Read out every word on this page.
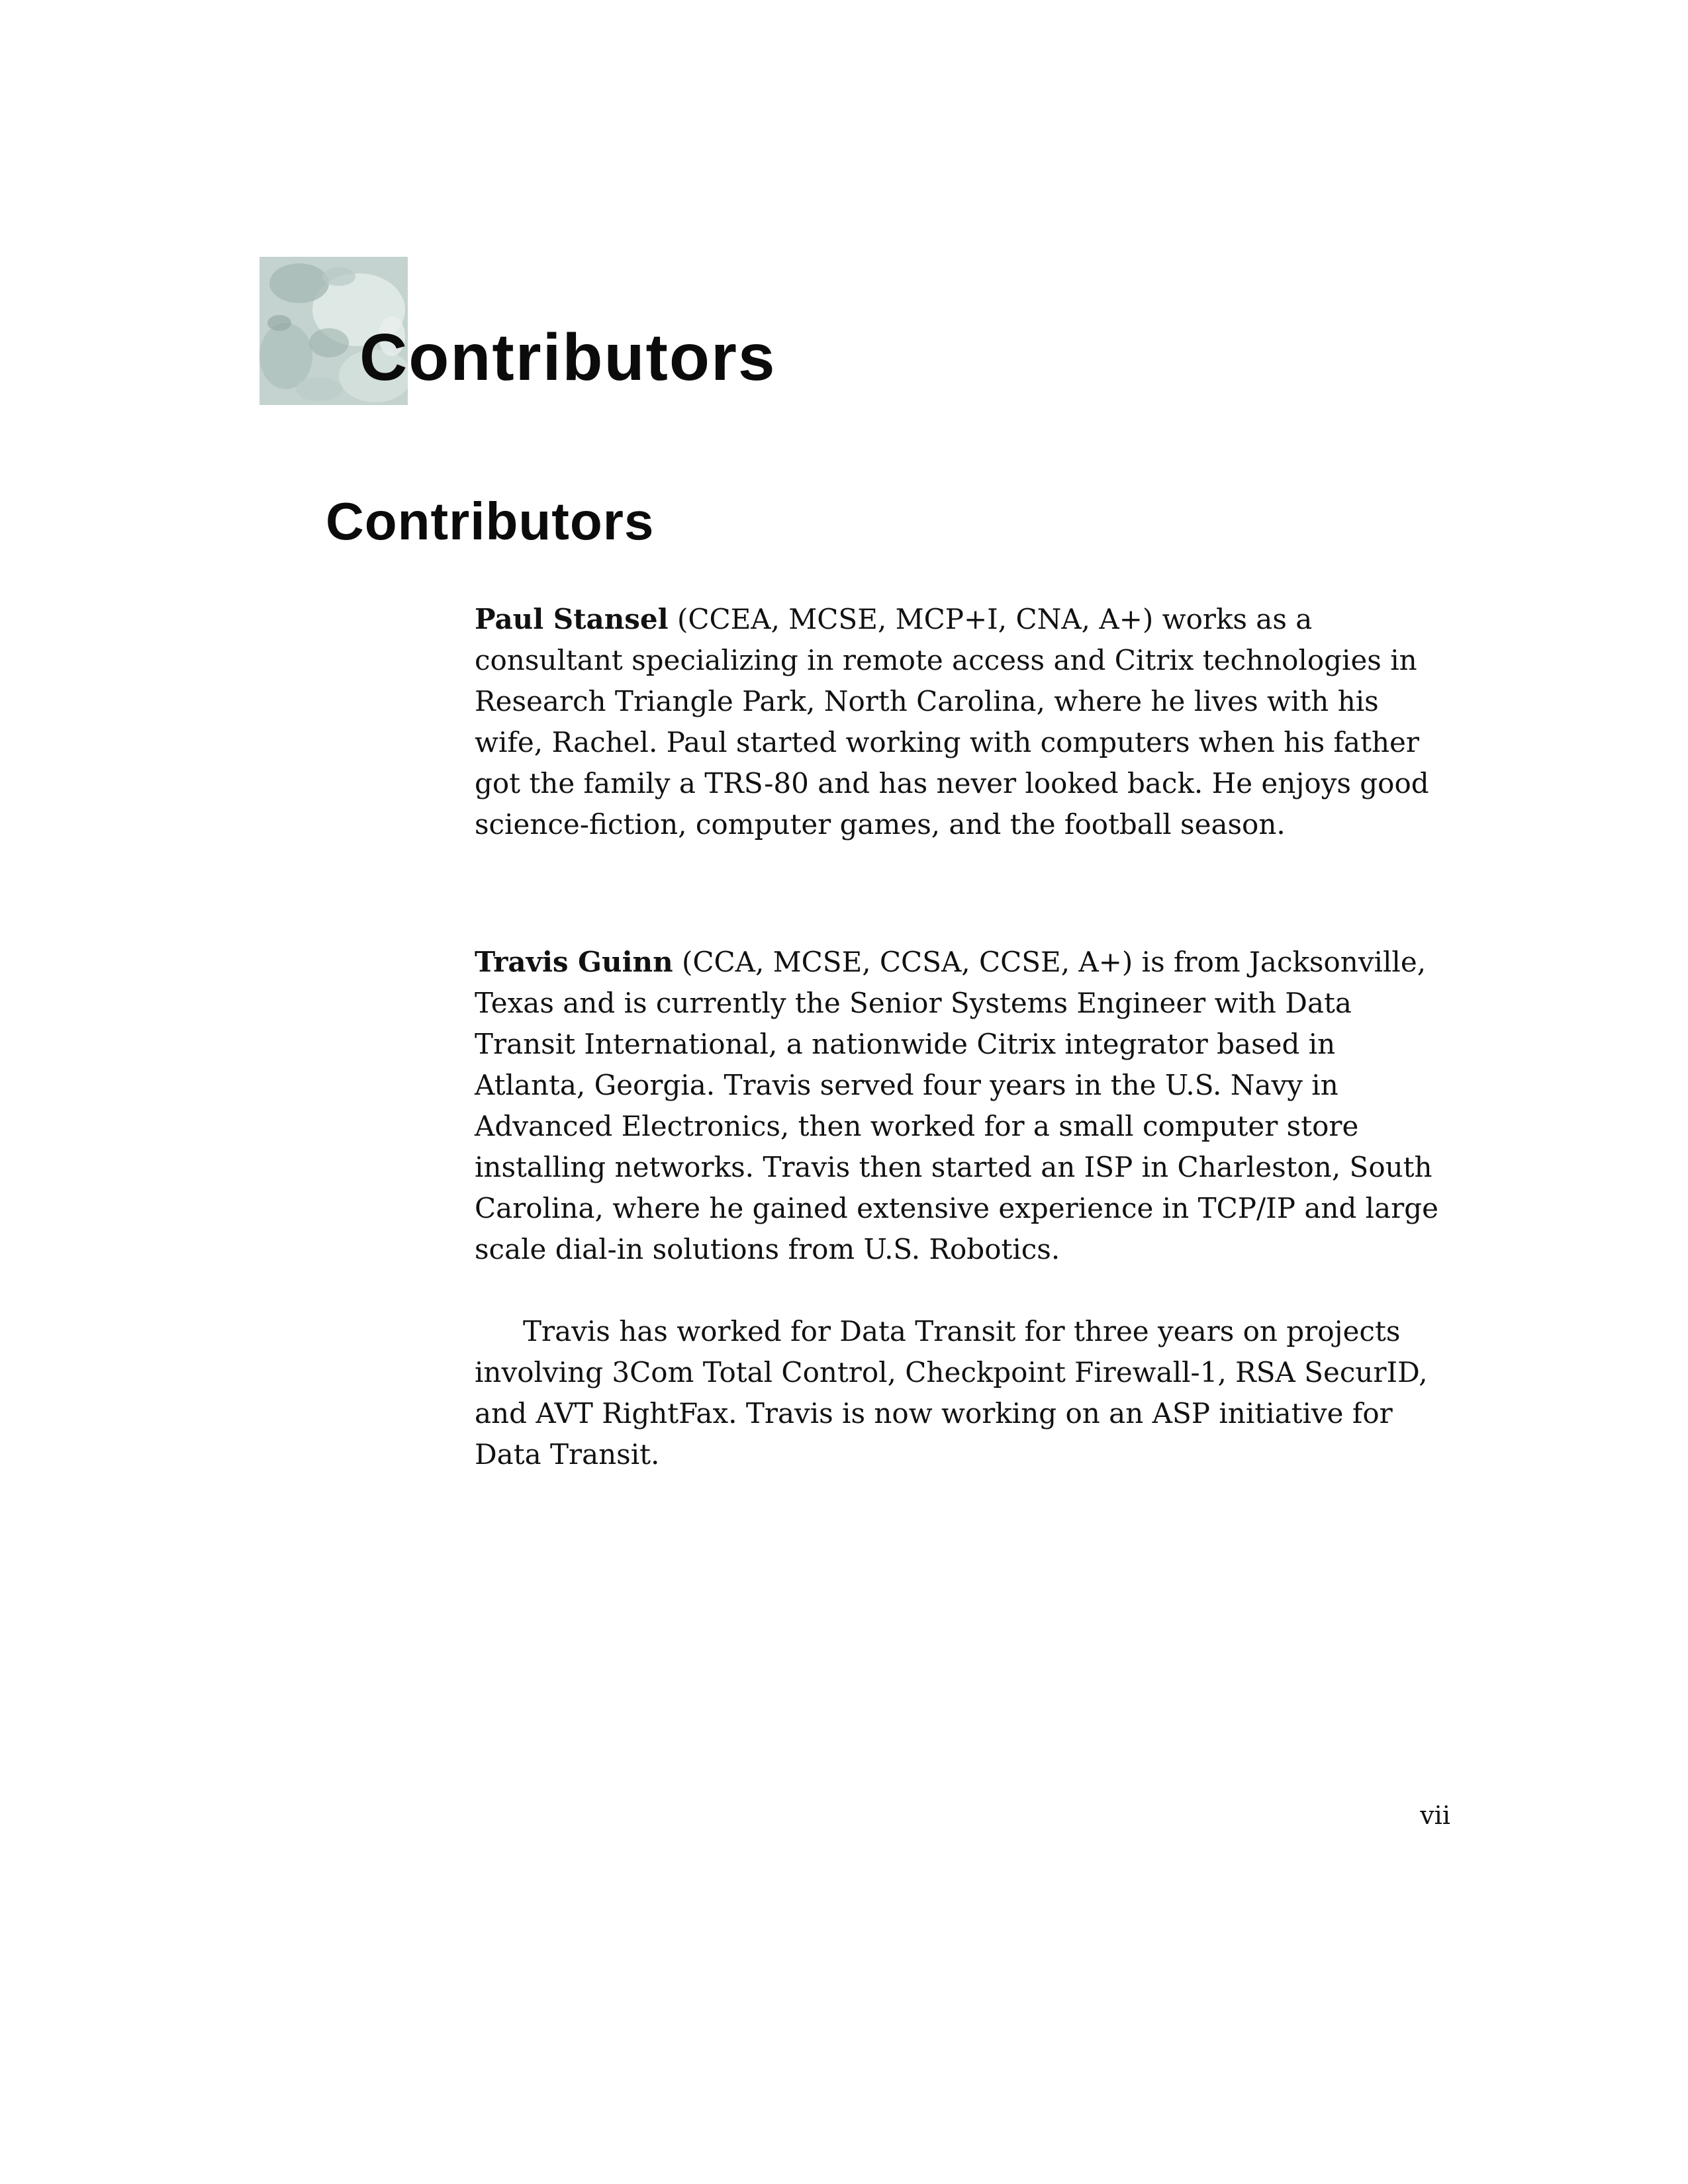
Contributors
Contributors

Paul Stansel (CCEA, MCSE, MCP+I, CNA, A+) works as a consultant specializing in remote access and Citrix technologies in Research Triangle Park, North Carolina, where he lives with his wife, Rachel. Paul started working with computers when his father got the family a TRS-80 and has never looked back. He enjoys good science-fiction, computer games, and the football season.

Travis Guinn (CCA, MCSE, CCSA, CCSE, A+) is from Jacksonville, Texas and is currently the Senior Systems Engineer with Data Transit International, a nationwide Citrix integrator based in Atlanta, Georgia. Travis served four years in the U.S. Navy in Advanced Electronics, then worked for a small computer store installing networks. Travis then started an ISP in Charleston, South Carolina, where he gained extensive experience in TCP/IP and large scale dial-in solutions from U.S. Robotics.

Travis has worked for Data Transit for three years on projects involving 3Com Total Control, Checkpoint Firewall-1, RSA SecurID, and AVT RightFax. Travis is now working on an ASP initiative for Data Transit.

vii
